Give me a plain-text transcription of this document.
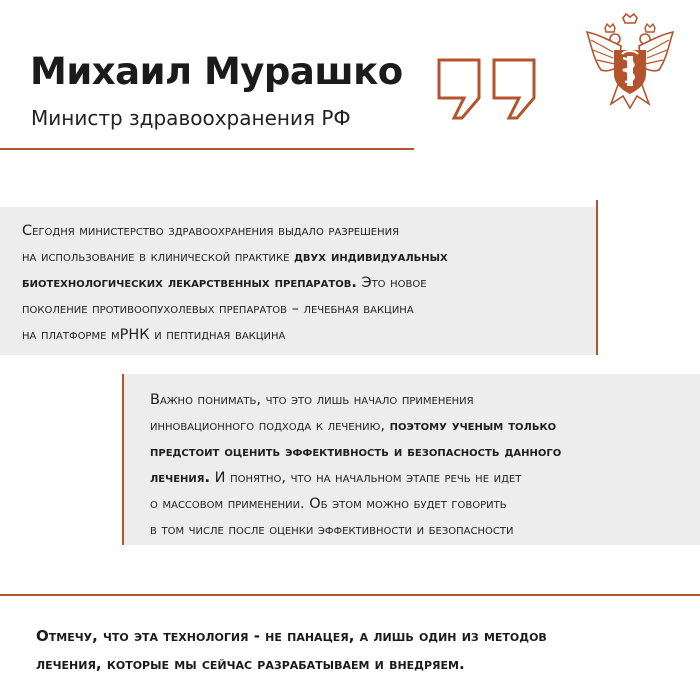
Михаил Мурашко
Министр здравоохранения РФ
Сегодня министерство здравоохранения выдало разрешения
на использование в клинической практике двух индивидуальных
биотехнологических лекарственных препаратов. Это новое
поколение противоопухолевых препаратов – лечебная вакцина
на платформе мРНК и пептидная вакцина
Важно понимать, что это лишь начало применения
инновационного подхода к лечению, поэтому ученым только
предстоит оценить эффективность и безопасность данного
лечения. И понятно, что на начальном этапе речь не идет
о массовом применении. Об этом можно будет говорить
в том числе после оценки эффективности и безопасности
Отмечу, что эта технология - не панацея, а лишь один из методов
лечения, которые мы сейчас разрабатываем и внедряем.
